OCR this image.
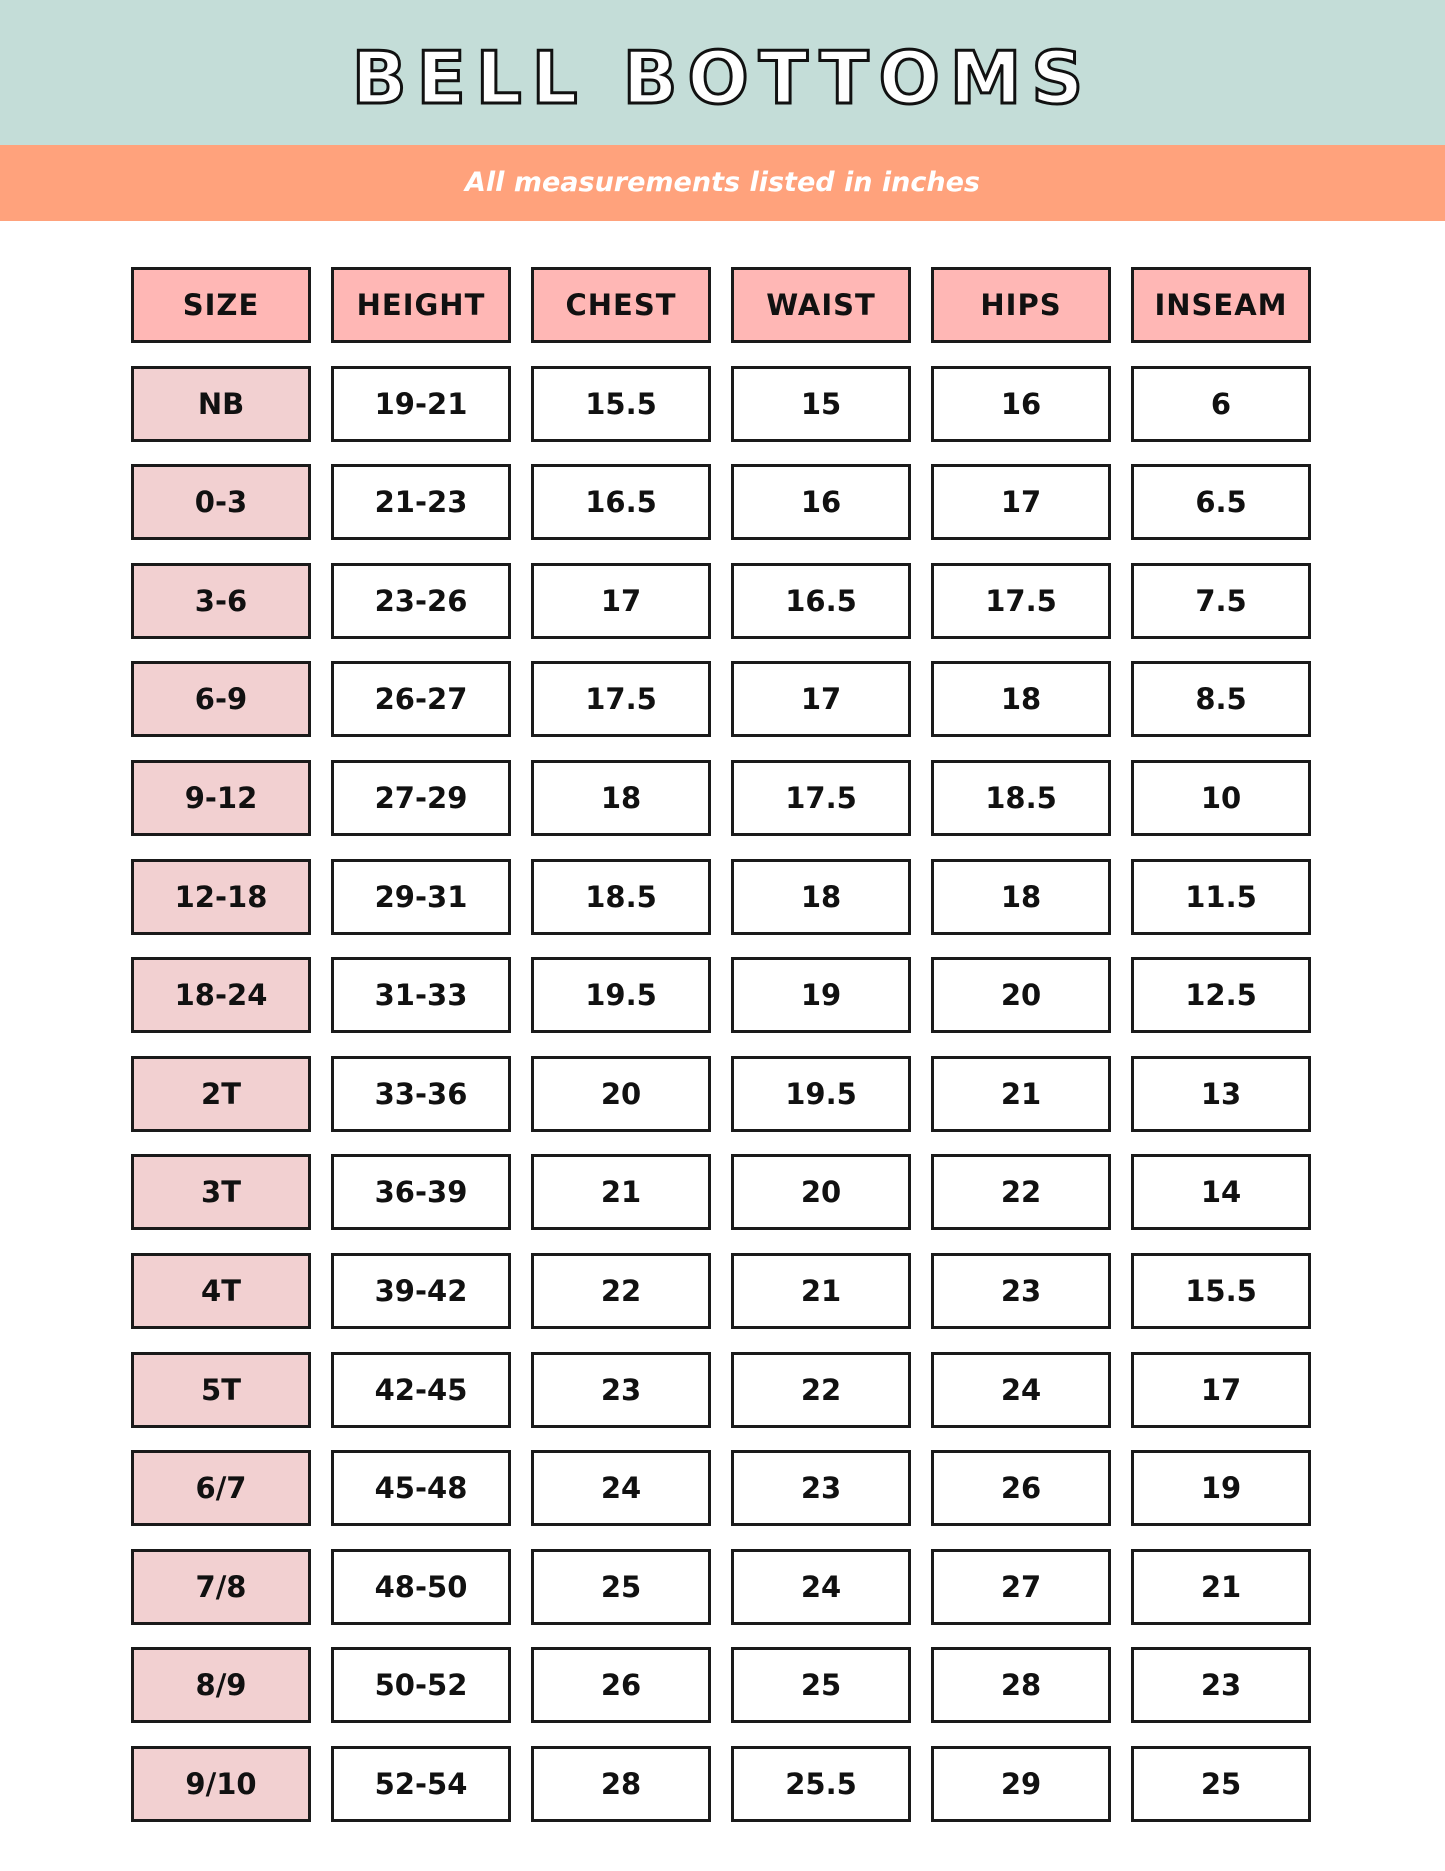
BELL BOTTOMS
All measurements listed in inches
SIZE	HEIGHT	CHEST	WAIST	HIPS	INSEAM
NB	19-21	15.5	15	16	6
0-3	21-23	16.5	16	17	6.5
3-6	23-26	17	16.5	17.5	7.5
6-9	26-27	17.5	17	18	8.5
9-12	27-29	18	17.5	18.5	10
12-18	29-31	18.5	18	18	11.5
18-24	31-33	19.5	19	20	12.5
2T	33-36	20	19.5	21	13
3T	36-39	21	20	22	14
4T	39-42	22	21	23	15.5
5T	42-45	23	22	24	17
6/7	45-48	24	23	26	19
7/8	48-50	25	24	27	21
8/9	50-52	26	25	28	23
9/10	52-54	28	25.5	29	25
